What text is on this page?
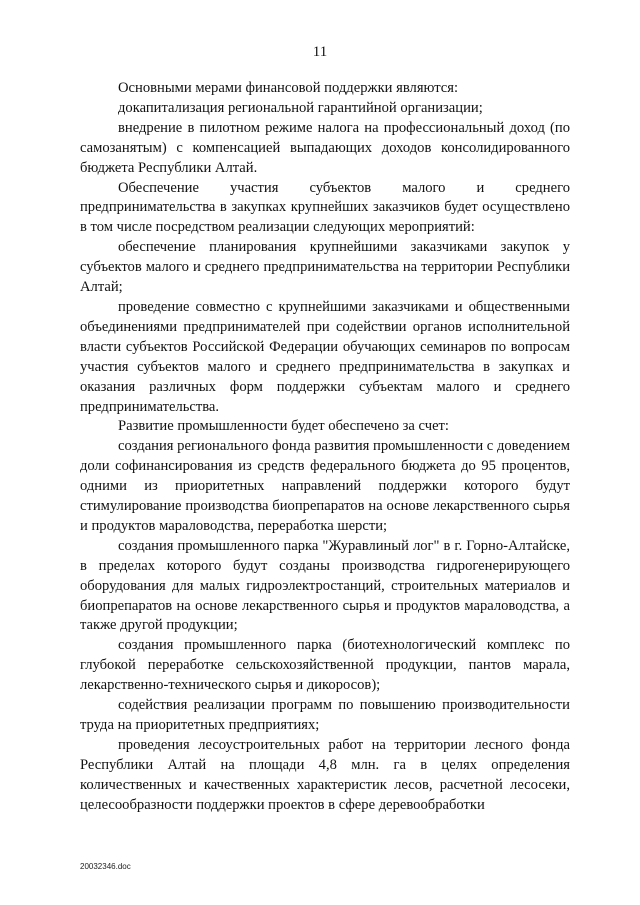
11

Основными мерами финансовой поддержки являются:

докапитализация региональной гарантийной организации;

внедрение в пилотном режиме налога на профессиональный доход (по самозанятым) с компенсацией выпадающих доходов консолидированного бюджета Республики Алтай.

Обеспечение участия субъектов малого и среднего предпринимательства в закупках крупнейших заказчиков будет осуществлено в том числе посредством реализации следующих мероприятий:

обеспечение планирования крупнейшими заказчиками закупок у субъектов малого и среднего предпринимательства на территории Республики Алтай;

проведение совместно с крупнейшими заказчиками и общественными объединениями предпринимателей при содействии органов исполнительной власти субъектов Российской Федерации обучающих семинаров по вопросам участия субъектов малого и среднего предпринимательства в закупках и оказания различных форм поддержки субъектам малого и среднего предпринимательства.

Развитие промышленности будет обеспечено за счет:

создания регионального фонда развития промышленности с доведением доли софинансирования из средств федерального бюджета до 95 процентов, одними из приоритетных направлений поддержки которого будут стимулирование производства биопрепаратов на основе лекарственного сырья и продуктов мараловодства, переработка шерсти;

создания промышленного парка "Журавлиный лог" в г. Горно-Алтайске, в пределах которого будут созданы производства гидрогенерирующего оборудования для малых гидроэлектростанций, строительных материалов и биопрепаратов на основе лекарственного сырья и продуктов мараловодства, а также другой продукции;

создания промышленного парка (биотехнологический комплекс по глубокой переработке сельскохозяйственной продукции, пантов марала, лекарственно-технического сырья и дикоросов);

содействия реализации программ по повышению производительности труда на приоритетных предприятиях;

проведения лесоустроительных работ на территории лесного фонда Республики Алтай на площади 4,8 млн. га в целях определения количественных и качественных характеристик лесов, расчетной лесосеки, целесообразности поддержки проектов в сфере деревообработки

20032346.doc
